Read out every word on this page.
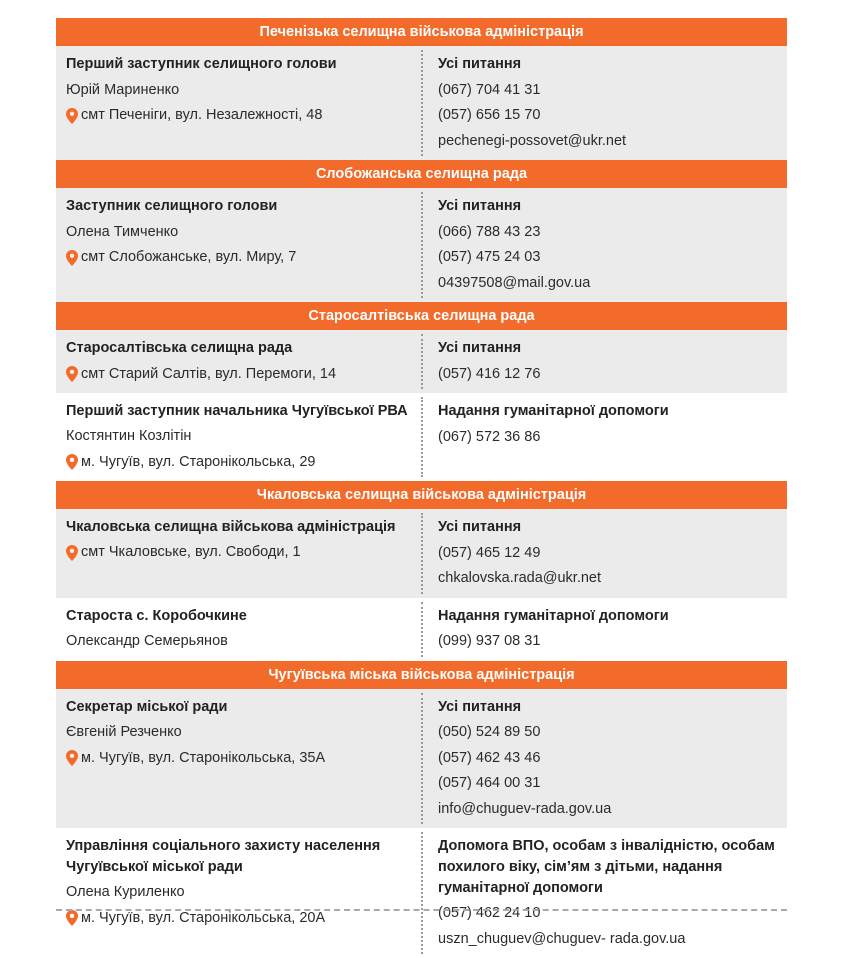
Печенізька селищна військова адміністрація
Перший заступник селищного голови
Юрій Мариненко
смт Печеніги, вул. Незалежності, 48
Усі питання
(067) 704 41 31
(057) 656 15 70
pechenegi-possovet@ukr.net
Слобожанська селищна рада
Заступник селищного голови
Олена Тимченко
смт Слобожанське, вул. Миру, 7
Усі питання
(066) 788 43 23
(057) 475 24 03
04397508@mail.gov.ua
Старосалтівська селищна рада
Старосалтівська селищна рада
смт Старий Салтів, вул. Перемоги, 14
Усі питання
(057) 416 12 76
Перший заступник начальника Чугуївської РВА
Костянтин Козлітін
м. Чугуїв, вул. Старонікольська, 29
Надання гуманітарної допомоги
(067) 572 36 86
Чкаловська селищна військова адміністрація
Чкаловська селищна військова адміністрація
смт Чкаловське, вул. Свободи, 1
Усі питання
(057) 465 12 49
chkalovska.rada@ukr.net
Староста с. Коробочкине
Олександр Семерьянов
Надання гуманітарної допомоги
(099) 937 08 31
Чугуївська міська військова адміністрація
Секретар міської ради
Євгеній Резченко
м. Чугуїв, вул. Старонікольська, 35А
Усі питання
(050) 524 89 50
(057) 462 43 46
(057) 464 00 31
info@chuguev-rada.gov.ua
Управління соціального захисту населення Чугуївської міської ради
Олена Куриленко
м. Чугуїв, вул. Старонікольська, 20А
Допомога ВПО, особам з інвалідністю, особам похилого віку, сім’ям з дітьми, надання гуманітарної допомоги
(057) 462 24 10
uszn_chuguev@chuguev- rada.gov.ua
